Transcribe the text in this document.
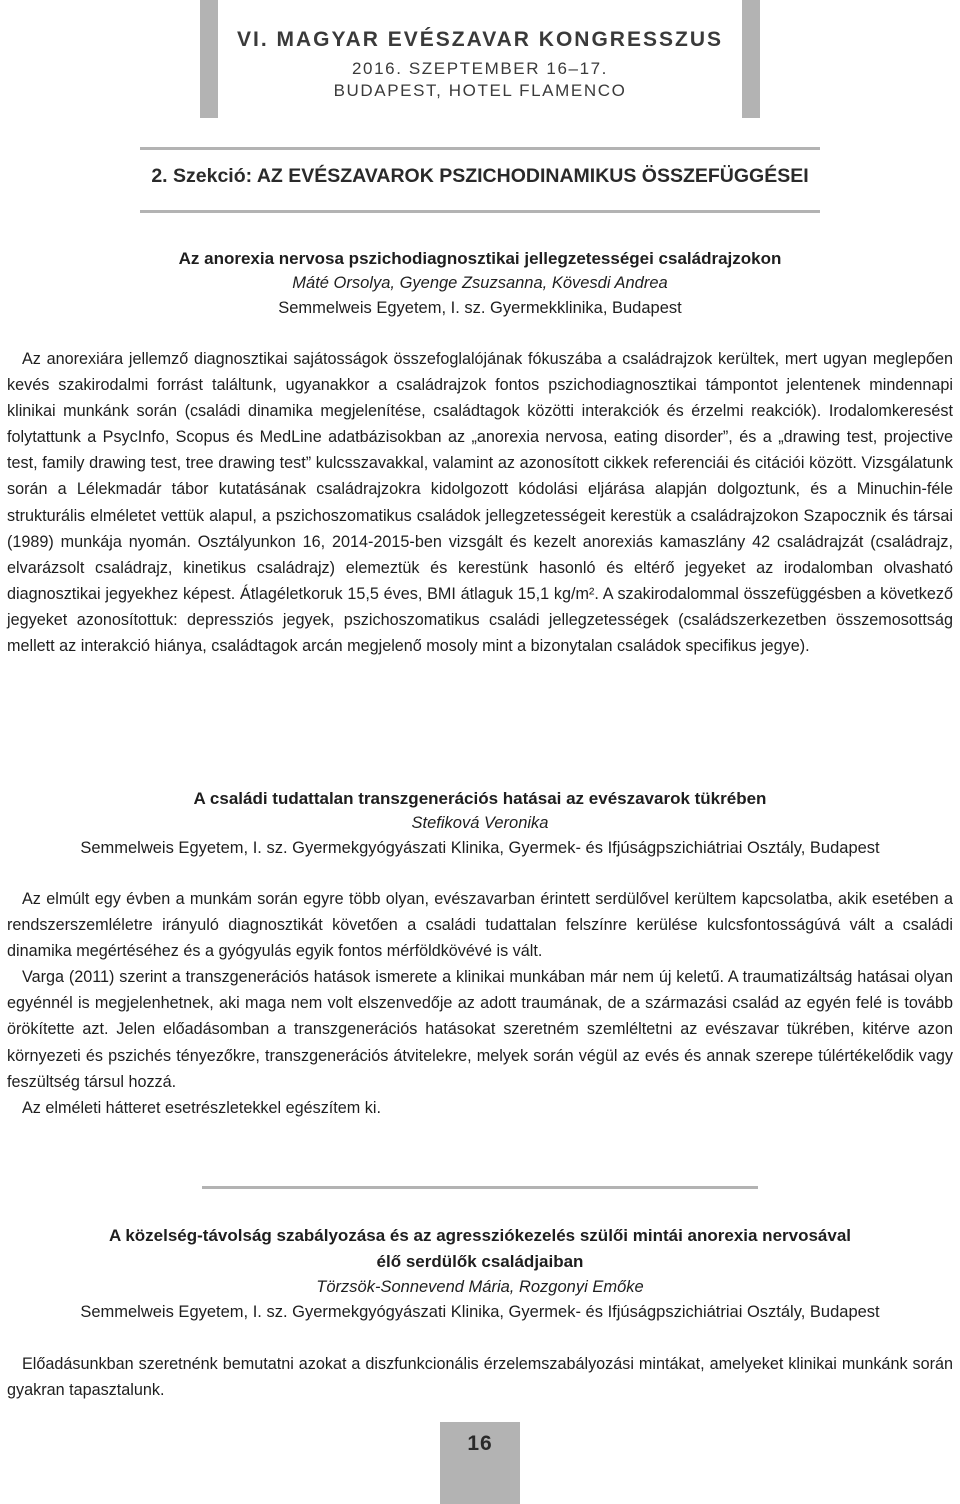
VI. MAGYAR EVÉSZAVAR KONGRESSZUS
2016. SZEPTEMBER 16–17.
BUDAPEST, HOTEL FLAMENCO
2. Szekció: AZ EVÉSZAVAROK PSZICHODINAMIKUS ÖSSZEFÜGGÉSEI
Az anorexia nervosa pszichodiagnosztikai jellegzetességei családrajzokon
Máté Orsolya, Gyenge Zsuzsanna, Kövesdi Andrea
Semmelweis Egyetem, I. sz. Gyermekklinika, Budapest

Az anorexiára jellemző diagnosztikai sajátosságok összefoglalójának fókuszába a családrajzok kerültek, mert ugyan meglepően kevés szakirodalmi forrást találtunk, ugyanakkor a családrajzok fontos pszichodiagnosztikai támpontot jelentenek mindennapi klinikai munkánk során (családi dinamika megjelenítése, családtagok közötti interakciók és érzelmi reakciók). Irodalomkeresést folytattunk a PsycInfo, Scopus és MedLine adatbázisokban az „anorexia nervosa, eating disorder”, és a „drawing test, projective test, family drawing test, tree drawing test” kulcsszavakkal, valamint az azonosított cikkek referenciái és citációi között. Vizsgálatunk során a Lélekmadár tábor kutatásának családrajzokra kidolgozott kódolási eljárása alapján dolgoztunk, és a Minuchin-féle strukturális elméletet vettük alapul, a pszichoszomatikus családok jellegzetességeit kerestük a családrajzokon Szapocznik és társai (1989) munkája nyomán. Osztályunkon 16, 2014-2015-ben vizsgált és kezelt anorexiás kamaszlány 42 családrajzát (családrajz, elvarázsolt családrajz, kinetikus családrajz) elemeztük és kerestünk hasonló és eltérő jegyeket az irodalomban olvasható diagnosztikai jegyekhez képest. Átlagéletkoruk 15,5 éves, BMI átlaguk 15,1 kg/m². A szakirodalommal összefüggésben a következő jegyeket azonosítottuk: depressziós jegyek, pszichoszomatikus családi jellegzetességek (családszerkezetben összemosottság mellett az interakció hiánya, családtagok arcán megjelenő mosoly mint a bizonytalan családok specifikus jegye).

A családi tudattalan transzgenerációs hatásai az evészavarok tükrében
Stefiková Veronika
Semmelweis Egyetem, I. sz. Gyermekgyógyászati Klinika, Gyermek- és Ifjúságpszichiátriai Osztály, Budapest

Az elmúlt egy évben a munkám során egyre több olyan, evészavarban érintett serdülővel kerültem kapcsolatba, akik esetében a rendszerszemléletre irányuló diagnosztikát követően a családi tudattalan felszínre kerülése kulcsfontosságúvá vált a családi dinamika megértéséhez és a gyógyulás egyik fontos mérföldkövévé is vált.

Varga (2011) szerint a transzgenerációs hatások ismerete a klinikai munkában már nem új keletű. A traumatizáltság hatásai olyan egyénnél is megjelenhetnek, aki maga nem volt elszenvedője az adott traumának, de a származási család az egyén felé is tovább örökítette azt. Jelen előadásomban a transzgenerációs hatásokat szeretném szemléltetni az evészavar tükrében, kitérve azon környezeti és pszichés tényezőkre, transzgenerációs átvitelekre, melyek során végül az evés és annak szerepe túlértékelődik vagy feszültség társul hozzá.

Az elméleti hátteret esetrészletekkel egészítem ki.

A közelség-távolság szabályozása és az agressziókezelés szülői mintái anorexia nervosával
élő serdülők családjaiban
Törzsök-Sonnevend Mária, Rozgonyi Emőke
Semmelweis Egyetem, I. sz. Gyermekgyógyászati Klinika, Gyermek- és Ifjúságpszichiátriai Osztály, Budapest

Előadásunkban szeretnénk bemutatni azokat a diszfunkcionális érzelemszabályozási mintákat, amelyeket klinikai munkánk során gyakran tapasztalunk.

16
